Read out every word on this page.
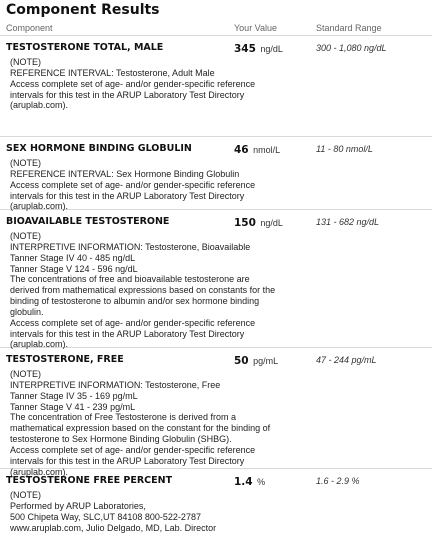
Component Results
Component	Your Value	Standard Range
TESTOSTERONE TOTAL, MALE	345 ng/dL	300 - 1,080 ng/dL
(NOTE)
REFERENCE INTERVAL: Testosterone, Adult Male
Access complete set of age- and/or gender-specific reference
intervals for this test in the ARUP Laboratory Test Directory
(aruplab.com).
SEX HORMONE BINDING GLOBULIN	46 nmol/L	11 - 80 nmol/L
(NOTE)
REFERENCE INTERVAL: Sex Hormone Binding Globulin
Access complete set of age- and/or gender-specific reference
intervals for this test in the ARUP Laboratory Test Directory
(aruplab.com).
BIOAVAILABLE TESTOSTERONE	150 ng/dL	131 - 682 ng/dL
(NOTE)
INTERPRETIVE INFORMATION: Testosterone, Bioavailable
Tanner Stage IV 40 - 485 ng/dL
Tanner Stage V 124 - 596 ng/dL
The concentrations of free and bioavailable testosterone are
derived from mathematical expressions based on constants for the
binding of testosterone to albumin and/or sex hormone binding
globulin.
Access complete set of age- and/or gender-specific reference
intervals for this test in the ARUP Laboratory Test Directory
(aruplab.com).
TESTOSTERONE, FREE	50 pg/mL	47 - 244 pg/mL
(NOTE)
INTERPRETIVE INFORMATION: Testosterone, Free
Tanner Stage IV 35 - 169 pg/mL
Tanner Stage V 41 - 239 pg/mL
The concentration of Free Testosterone is derived from a
mathematical expression based on the constant for the binding of
testosterone to Sex Hormone Binding Globulin (SHBG).
Access complete set of age- and/or gender-specific reference
intervals for this test in the ARUP Laboratory Test Directory
(aruplab.com).
TESTOSTERONE FREE PERCENT	1.4 %	1.6 - 2.9 %
(NOTE)
Performed by ARUP Laboratories,
500 Chipeta Way, SLC,UT 84108 800-522-2787
www.aruplab.com, Julio Delgado, MD, Lab. Director
